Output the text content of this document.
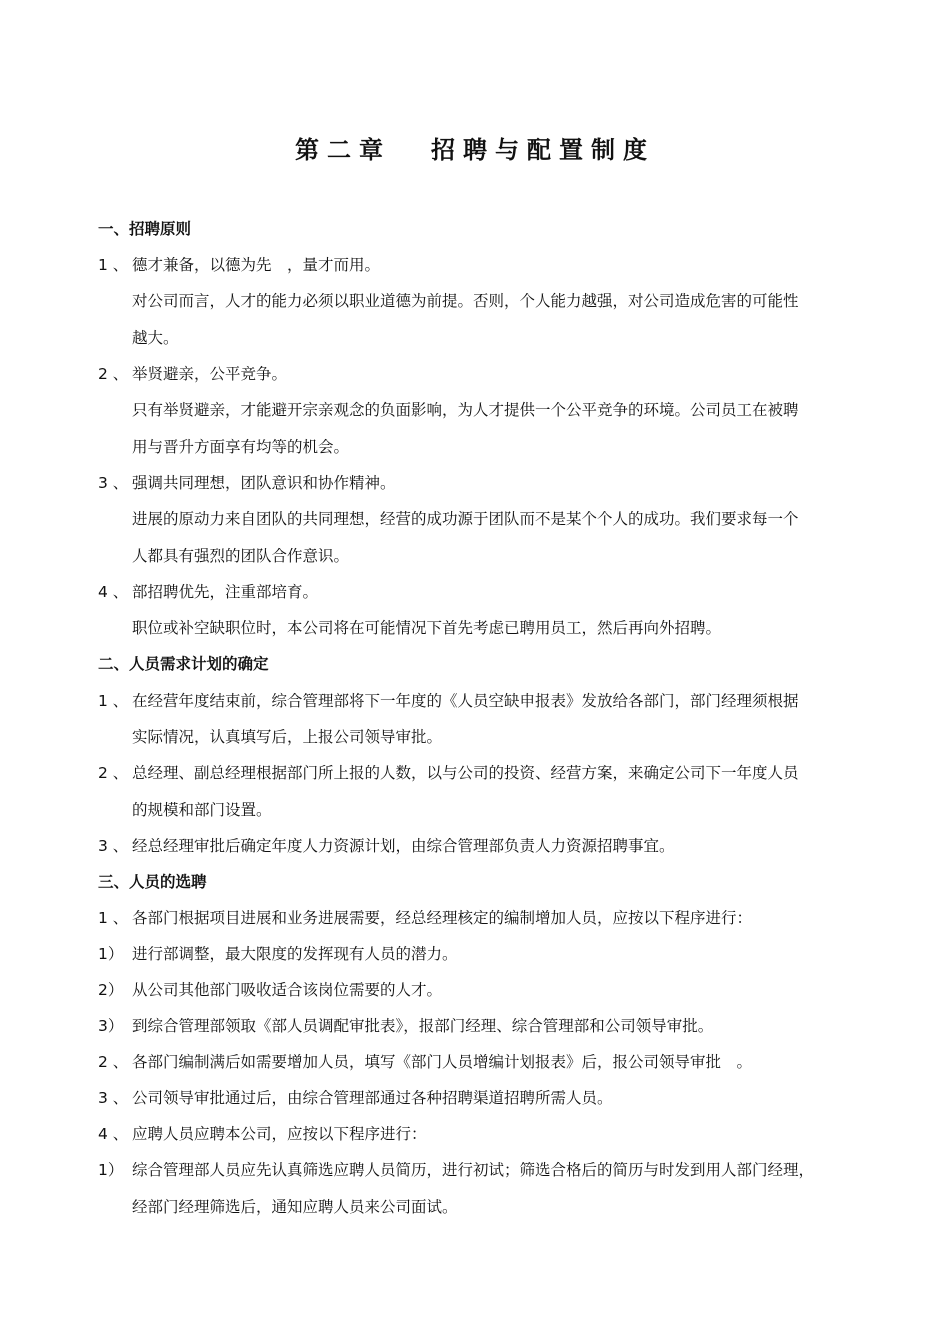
第二章 招聘与配置制度
一、招聘原则
1 、 德才兼备，以德为先　，量才而用。
对公司而言，人才的能力必须以职业道德为前提。否则，个人能力越强，对公司造成危害的可能性
越大。
2 、 举贤避亲，公平竞争。
只有举贤避亲，才能避开宗亲观念的负面影响，为人才提供一个公平竞争的环境。公司员工在被聘
用与晋升方面享有均等的机会。
3 、 强调共同理想，团队意识和协作精神。
进展的原动力来自团队的共同理想，经营的成功源于团队而不是某个个人的成功。我们要求每一个
人都具有强烈的团队合作意识。
4 、 部招聘优先，注重部培育。
职位或补空缺职位时，本公司将在可能情况下首先考虑已聘用员工，然后再向外招聘。
二、人员需求计划的确定
1 、 在经营年度结束前，综合管理部将下一年度的《人员空缺申报表》发放给各部门，部门经理须根据
实际情况，认真填写后，上报公司领导审批。
2 、 总经理、副总经理根据部门所上报的人数，以与公司的投资、经营方案，来确定公司下一年度人员
的规模和部门设置。
3 、 经总经理审批后确定年度人力资源计划，由综合管理部负责人力资源招聘事宜。
三、人员的选聘
1 、 各部门根据项目进展和业务进展需要，经总经理核定的编制增加人员，应按以下程序进行：
1） 进行部调整，最大限度的发挥现有人员的潜力。
2） 从公司其他部门吸收适合该岗位需要的人才。
3） 到综合管理部领取《部人员调配审批表》，报部门经理、综合管理部和公司领导审批。
2 、 各部门编制满后如需要增加人员，填写《部门人员增编计划报表》后，报公司领导审批　。
3 、 公司领导审批通过后，由综合管理部通过各种招聘渠道招聘所需人员。
4 、 应聘人员应聘本公司，应按以下程序进行：
1） 综合管理部人员应先认真筛选应聘人员简历，进行初试；筛选合格后的简历与时发到用人部门经理，
经部门经理筛选后，通知应聘人员来公司面试。
